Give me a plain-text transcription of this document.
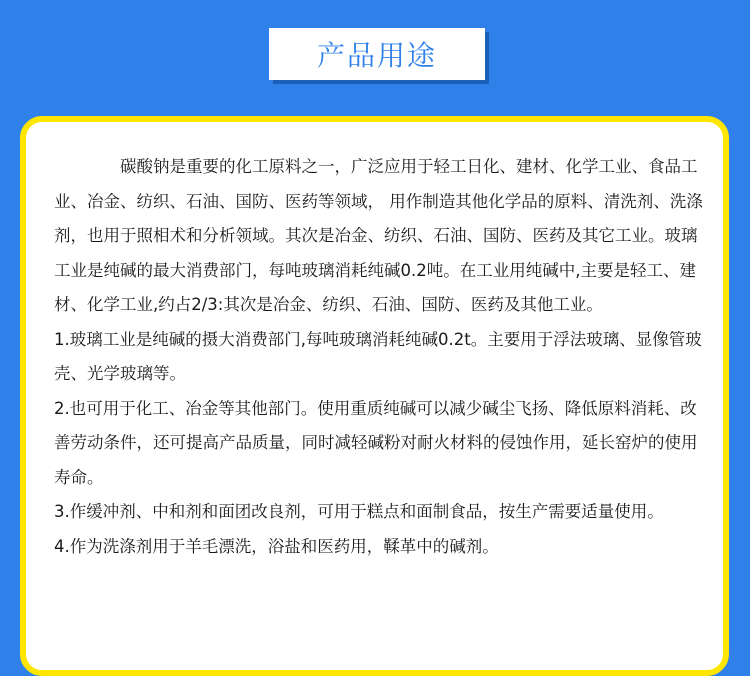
产品用途

碳酸钠是重要的化工原料之一，广泛应用于轻工日化、建材、化学工业、食品工业、冶金、纺织、石油、国防、医药等领域， 用作制造其他化学品的原料、清洗剂、洗涤剂，也用于照相术和分析领域。其次是冶金、纺织、石油、国防、医药及其它工业。玻璃工业是纯碱的最大消费部门，每吨玻璃消耗纯碱0.2吨。在工业用纯碱中,主要是轻工、建材、化学工业,约占2/3:其次是冶金、纺织、石油、国防、医药及其他工业。

1.玻璃工业是纯碱的摄大消费部门,每吨玻璃消耗纯碱0.2t。主要用于浮法玻璃、显像管玻壳、光学玻璃等。

2.也可用于化工、冶金等其他部门。使用重质纯碱可以减少碱尘飞扬、降低原料消耗、改善劳动条件，还可提高产品质量，同时减轻碱粉对耐火材料的侵蚀作用，延长窑炉的使用寿命。

3.作缓冲剂、中和剂和面团改良剂，可用于糕点和面制食品，按生产需要适量使用。

4.作为洗涤剂用于羊毛漂洗，浴盐和医药用，鞣革中的碱剂。
